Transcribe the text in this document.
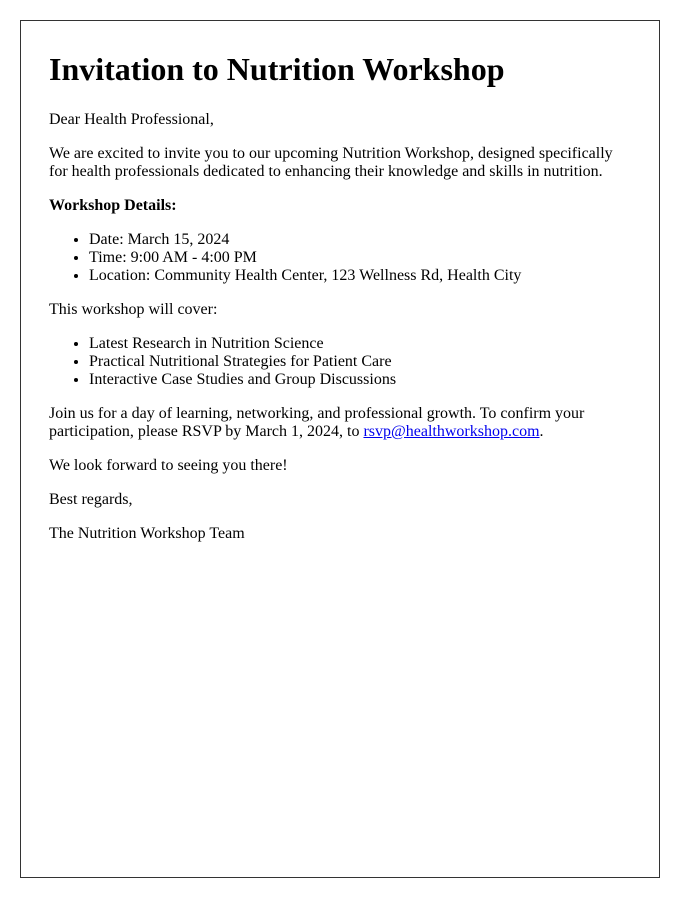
Invitation to Nutrition Workshop

Dear Health Professional,

We are excited to invite you to our upcoming Nutrition Workshop, designed specifically for health professionals dedicated to enhancing their knowledge and skills in nutrition.

Workshop Details:

• Date: March 15, 2024
• Time: 9:00 AM - 4:00 PM
• Location: Community Health Center, 123 Wellness Rd, Health City

This workshop will cover:

• Latest Research in Nutrition Science
• Practical Nutritional Strategies for Patient Care
• Interactive Case Studies and Group Discussions

Join us for a day of learning, networking, and professional growth. To confirm your participation, please RSVP by March 1, 2024, to rsvp@healthworkshop.com.

We look forward to seeing you there!

Best regards,

The Nutrition Workshop Team
